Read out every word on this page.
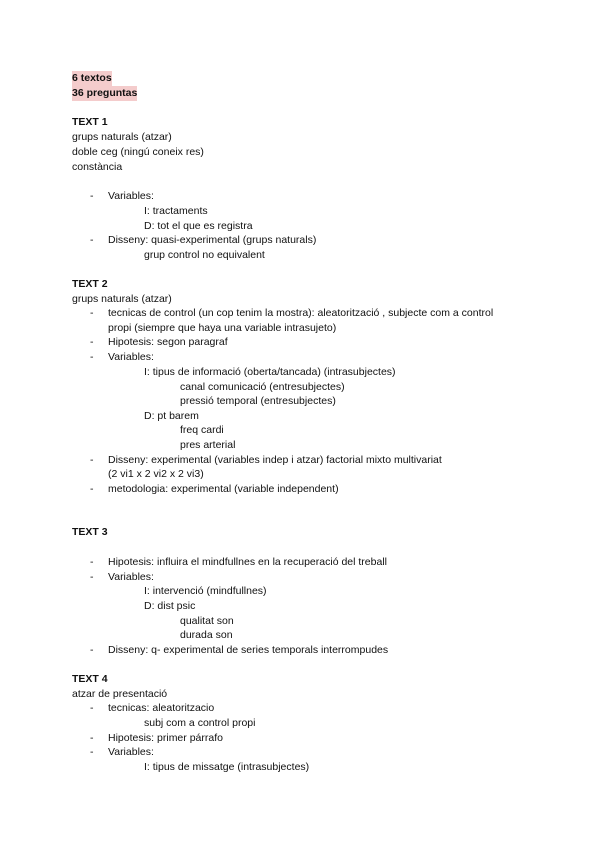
6 textos
36 preguntas
TEXT 1
grups naturals (atzar)
doble ceg (ningú coneix res)
constància
- Variables:
I: tractaments
D: tot el que es registra
- Disseny: quasi-experimental (grups naturals)
grup control no equivalent
TEXT 2
grups naturals (atzar)
- tecnicas de control (un cop tenim la mostra): aleatorització , subjecte com a control
propi (siempre que haya una variable intrasujeto)
- Hipotesis: segon paragraf
- Variables:
I: tipus de informació (oberta/tancada) (intrasubjectes)
canal comunicació (entresubjectes)
pressió temporal (entresubjectes)
D: pt barem
freq cardi
pres arterial
- Disseny: experimental (variables indep i atzar) factorial mixto multivariat
(2 vi1 x 2 vi2 x 2 vi3)
- metodologia: experimental (variable independent)
TEXT 3
- Hipotesis: influira el mindfullnes en la recuperació del treball
- Variables:
I: intervenció (mindfullnes)
D: dist psic
qualitat son
durada son
- Disseny: q- experimental de series temporals interrompudes
TEXT 4
atzar de presentació
- tecnicas: aleatoritzacio
subj com a control propi
- Hipotesis: primer párrafo
- Variables:
I: tipus de missatge (intrasubjectes)
